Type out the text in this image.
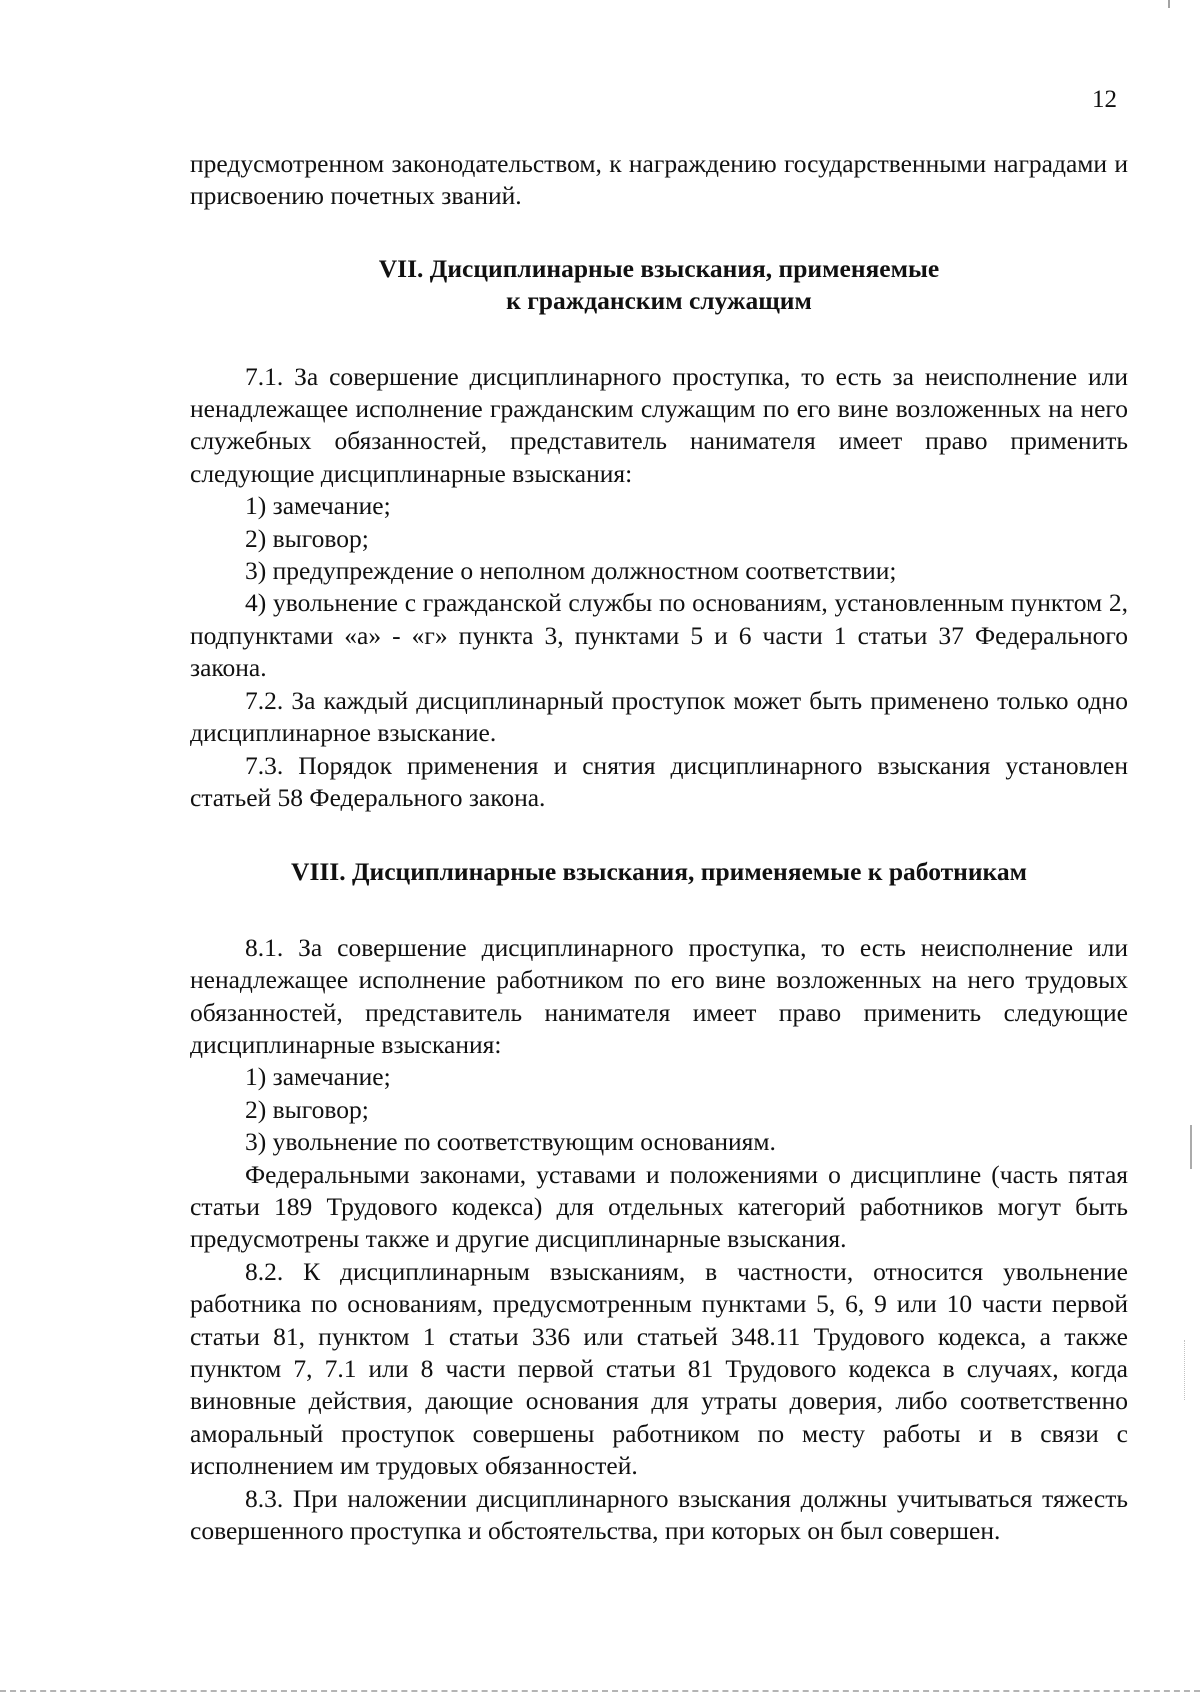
12

предусмотренном законодательством, к награждению государственными наградами и присвоению почетных званий.

VII. Дисциплинарные взыскания, применяемые
к гражданским служащим

7.1. За совершение дисциплинарного проступка, то есть за неисполнение или ненадлежащее исполнение гражданским служащим по его вине возложенных на него служебных обязанностей, представитель нанимателя имеет право применить следующие дисциплинарные взыскания:

1) замечание;

2) выговор;

3) предупреждение о неполном должностном соответствии;

4) увольнение с гражданской службы по основаниям, установленным пунктом 2, подпунктами «а» - «г» пункта 3, пунктами 5 и 6 части 1 статьи 37 Федерального закона.

7.2. За каждый дисциплинарный проступок может быть применено только одно дисциплинарное взыскание.

7.3. Порядок применения и снятия дисциплинарного взыскания установлен статьей 58 Федерального закона.

VIII. Дисциплинарные взыскания, применяемые к работникам

8.1. За совершение дисциплинарного проступка, то есть неисполнение или ненадлежащее исполнение работником по его вине возложенных на него трудовых обязанностей, представитель нанимателя имеет право применить следующие дисциплинарные взыскания:

1) замечание;

2) выговор;

3) увольнение по соответствующим основаниям.

Федеральными законами, уставами и положениями о дисциплине (часть пятая статьи 189 Трудового кодекса) для отдельных категорий работников могут быть предусмотрены также и другие дисциплинарные взыскания.

8.2. К дисциплинарным взысканиям, в частности, относится увольнение работника по основаниям, предусмотренным пунктами 5, 6, 9 или 10 части первой статьи 81, пунктом 1 статьи 336 или статьей 348.11 Трудового кодекса, а также пунктом 7, 7.1 или 8 части первой статьи 81 Трудового кодекса в случаях, когда виновные действия, дающие основания для утраты доверия, либо соответственно аморальный проступок совершены работником по месту работы и в связи с исполнением им трудовых обязанностей.

8.3. При наложении дисциплинарного взыскания должны учитываться тяжесть совершенного проступка и обстоятельства, при которых он был совершен.
